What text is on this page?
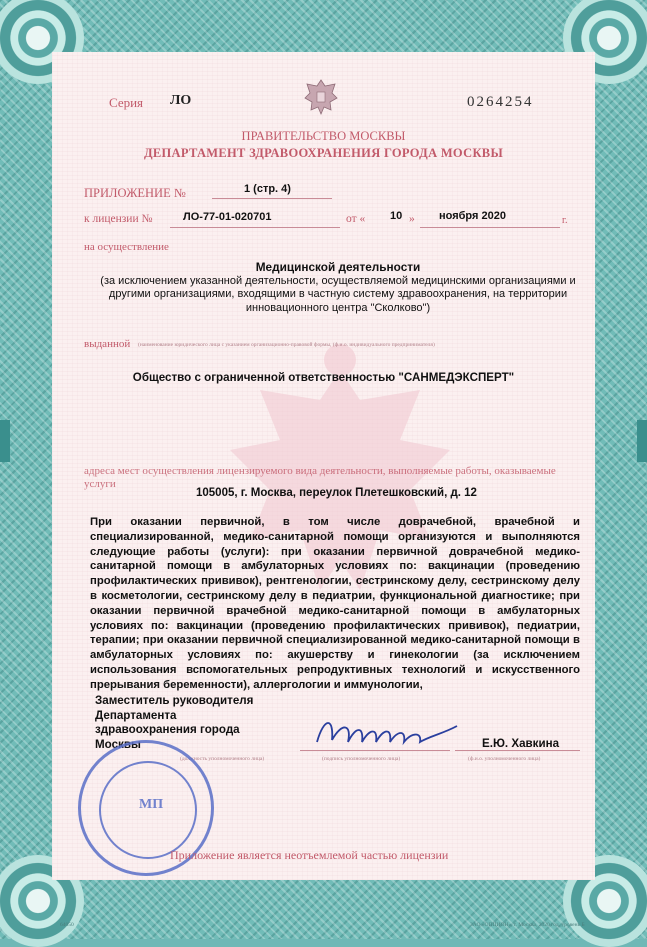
Серия ЛО	0264254
ПРАВИТЕЛЬСТВО МОСКВЫ
ДЕПАРТАМЕНТ ЗДРАВООХРАНЕНИЯ ГОРОДА МОСКВЫ
ПРИЛОЖЕНИЕ №	1 (стр. 4)
к лицензии №	ЛО-77-01-020701	от « 10 » ноября 2020	г.
на осуществление
Медицинской деятельности
(за исключением указанной деятельности, осуществляемой медицинскими организациями и другими организациями, входящими в частную систему здравоохранения, на территории инновационного центра "Сколково")
выданной (наименование юридического лица с указанием организационно-правовой формы, (ф.и.о. индивидуального предпринимателя)
Общество с ограниченной ответственностью "САНМЕДЭКСПЕРТ"
адреса мест осуществления лицензируемого вида деятельности, выполняемые работы, оказываемые услуги
105005, г. Москва, переулок Плетешковский, д. 12
При оказании первичной, в том числе доврачебной, врачебной и специализированной, медико-санитарной помощи организуются и выполняются следующие работы (услуги): при оказании первичной доврачебной медико-санитарной помощи в амбулаторных условиях по: вакцинации (проведению профилактических прививок), рентгенологии, сестринскому делу, сестринскому делу в косметологии, сестринскому делу в педиатрии, функциональной диагностике; при оказании первичной врачебной медико-санитарной помощи в амбулаторных условиях по: вакцинации (проведению профилактических прививок), педиатрии, терапии; при оказании первичной специализированной медико-санитарной помощи в амбулаторных условиях по: акушерству и гинекологии (за исключением использования вспомогательных репродуктивных технологий и искусственного прерывания беременности), аллергологии и иммунологии,
Заместитель руководителя
Департамента
здравоохранения города
Москвы	Е.Ю. Хавкина
(должность уполномоченного лица)	(подпись уполномоченного лица)	(ф.и.о. уполномоченного лица)
МП
Приложение является неотъемлемой частью лицензии
64050	ЗАО «ОПЦИОН», г. Москва, 2020 год, уровень Б
